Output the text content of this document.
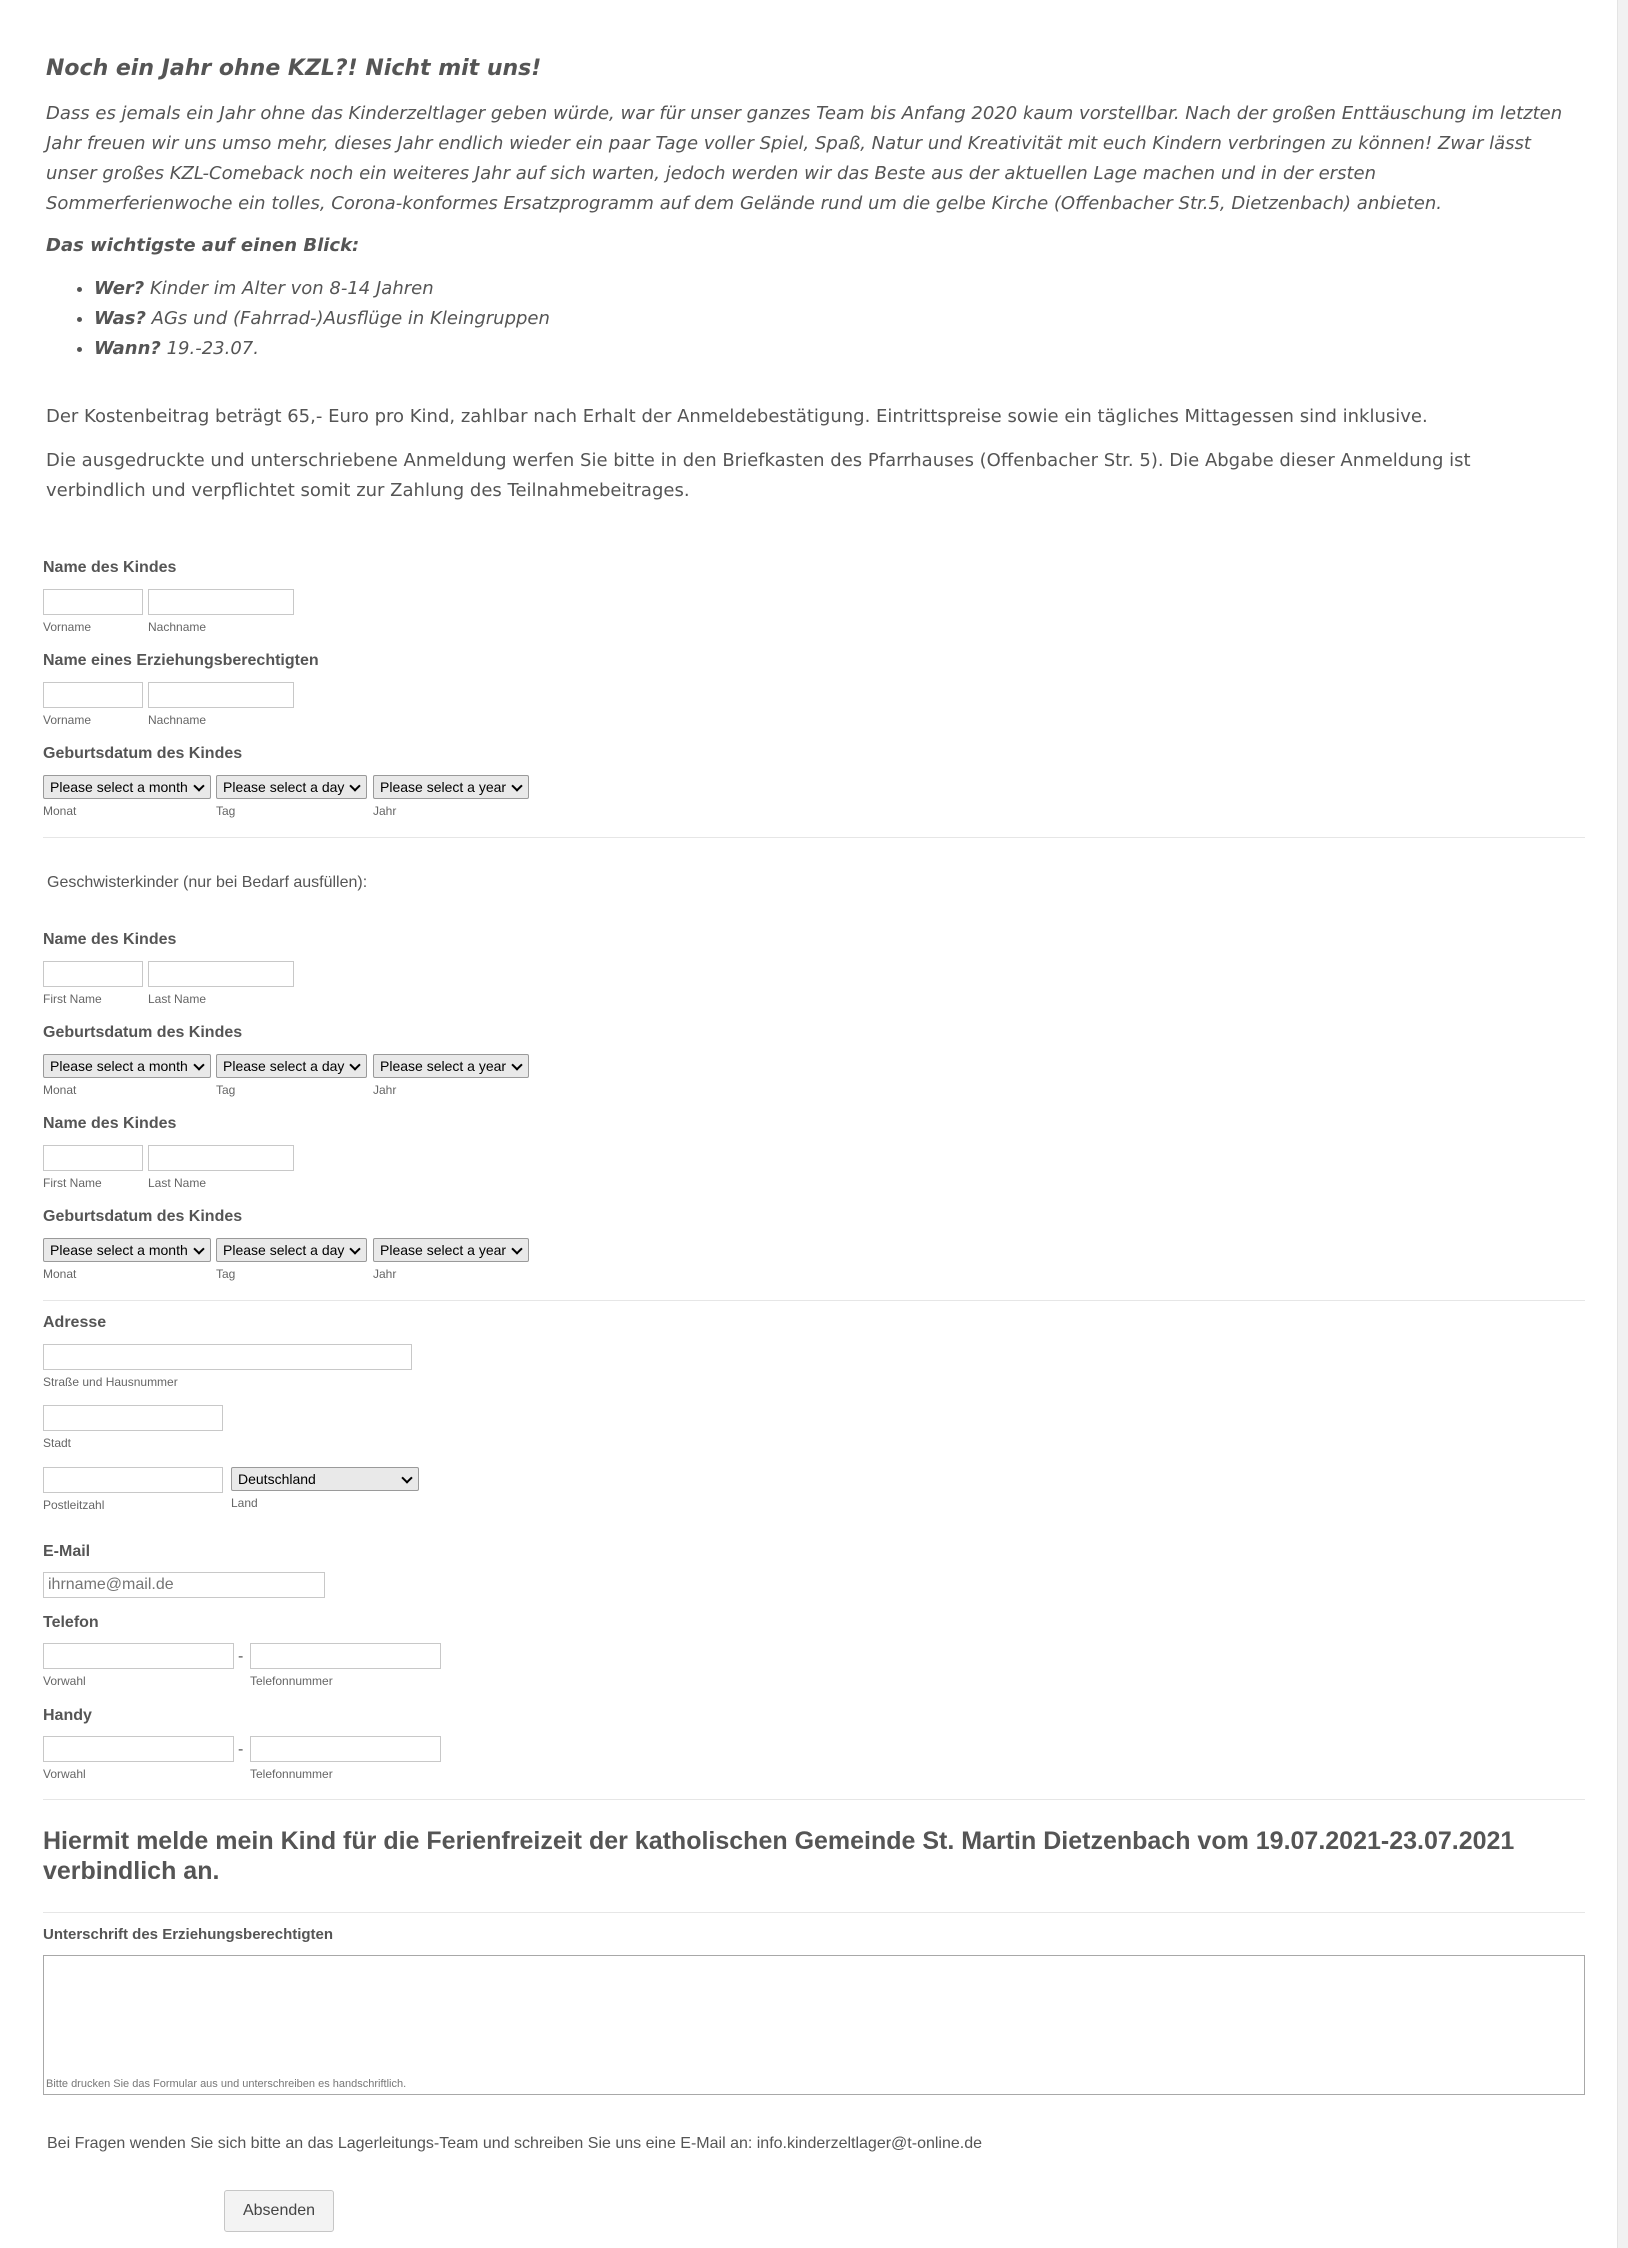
Noch ein Jahr ohne KZL?! Nicht mit uns!

Dass es jemals ein Jahr ohne das Kinderzeltlager geben würde, war für unser ganzes Team bis Anfang 2020 kaum vorstellbar. Nach der großen Enttäuschung im letzten Jahr freuen wir uns umso mehr, dieses Jahr endlich wieder ein paar Tage voller Spiel, Spaß, Natur und Kreativität mit euch Kindern verbringen zu können! Zwar lässt unser großes KZL-Comeback noch ein weiteres Jahr auf sich warten, jedoch werden wir das Beste aus der aktuellen Lage machen und in der ersten Sommerferienwoche ein tolles, Corona-konformes Ersatzprogramm auf dem Gelände rund um die gelbe Kirche (Offenbacher Str.5, Dietzenbach) anbieten.

Das wichtigste auf einen Blick:

• Wer? Kinder im Alter von 8-14 Jahren
• Was? AGs und (Fahrrad-)Ausflüge in Kleingruppen
• Wann? 19.-23.07.

Der Kostenbeitrag beträgt 65,- Euro pro Kind, zahlbar nach Erhalt der Anmeldebestätigung. Eintrittspreise sowie ein tägliches Mittagessen sind inklusive.

Die ausgedruckte und unterschriebene Anmeldung werfen Sie bitte in den Briefkasten des Pfarrhauses (Offenbacher Str. 5). Die Abgabe dieser Anmeldung ist verbindlich und verpflichtet somit zur Zahlung des Teilnahmebeitrages.

Name des Kindes
Vorname	Nachname
Name eines Erziehungsberechtigten
Vorname	Nachname
Geburtsdatum des Kindes
Please select a month	Please select a day	Please select a year
Monat	Tag	Jahr
Geschwisterkinder (nur bei Bedarf ausfüllen):
Name des Kindes
First Name	Last Name
Geburtsdatum des Kindes
Please select a month	Please select a day	Please select a year
Monat	Tag	Jahr
Name des Kindes
First Name	Last Name
Geburtsdatum des Kindes
Please select a month	Please select a day	Please select a year
Monat	Tag	Jahr
Adresse
Straße und Hausnummer
Stadt
Postleitzahl
Deutschland
Land
E-Mail
ihrname@mail.de
Telefon
-
Vorwahl	Telefonnummer
Handy
-
Vorwahl	Telefonnummer
Hiermit melde mein Kind für die Ferienfreizeit der katholischen Gemeinde St. Martin Dietzenbach vom 19.07.2021-23.07.2021 verbindlich an.
Unterschrift des Erziehungsberechtigten
Bitte drucken Sie das Formular aus und unterschreiben es handschriftlich.
Bei Fragen wenden Sie sich bitte an das Lagerleitungs-Team und schreiben Sie uns eine E-Mail an: info.kinderzeltlager@t-online.de
Absenden
